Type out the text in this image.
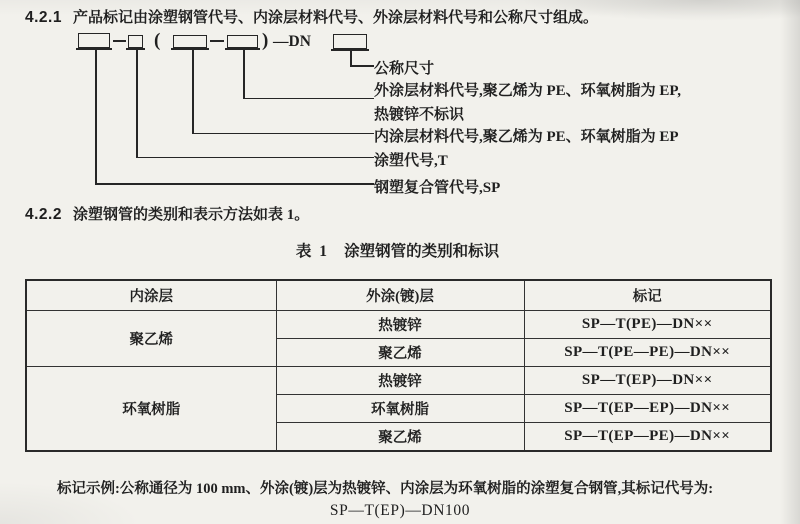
4.2.1 产品标记由涂塑钢管代号、内涂层材料代号、外涂层材料代号和公称尺寸组成。
(	) —DN
公称尺寸
外涂层材料代号,聚乙烯为 PE、环氧树脂为 EP,
热镀锌不标识
内涂层材料代号,聚乙烯为 PE、环氧树脂为 EP
涂塑代号,T
钢塑复合管代号,SP
4.2.2 涂塑钢管的类别和表示方法如表 1。
表 1 涂塑钢管的类别和标识
内涂层	外涂(镀)层	标记
聚乙烯	热镀锌	SP—T(PE)—DN××
	聚乙烯	SP—T(PE—PE)—DN××
环氧树脂	热镀锌	SP—T(EP)—DN××
	环氧树脂	SP—T(EP—EP)—DN××
	聚乙烯	SP—T(EP—PE)—DN××
标记示例:公称通径为 100 mm、外涂(镀)层为热镀锌、内涂层为环氧树脂的涂塑复合钢管,其标记代号为:
SP—T(EP)—DN100
